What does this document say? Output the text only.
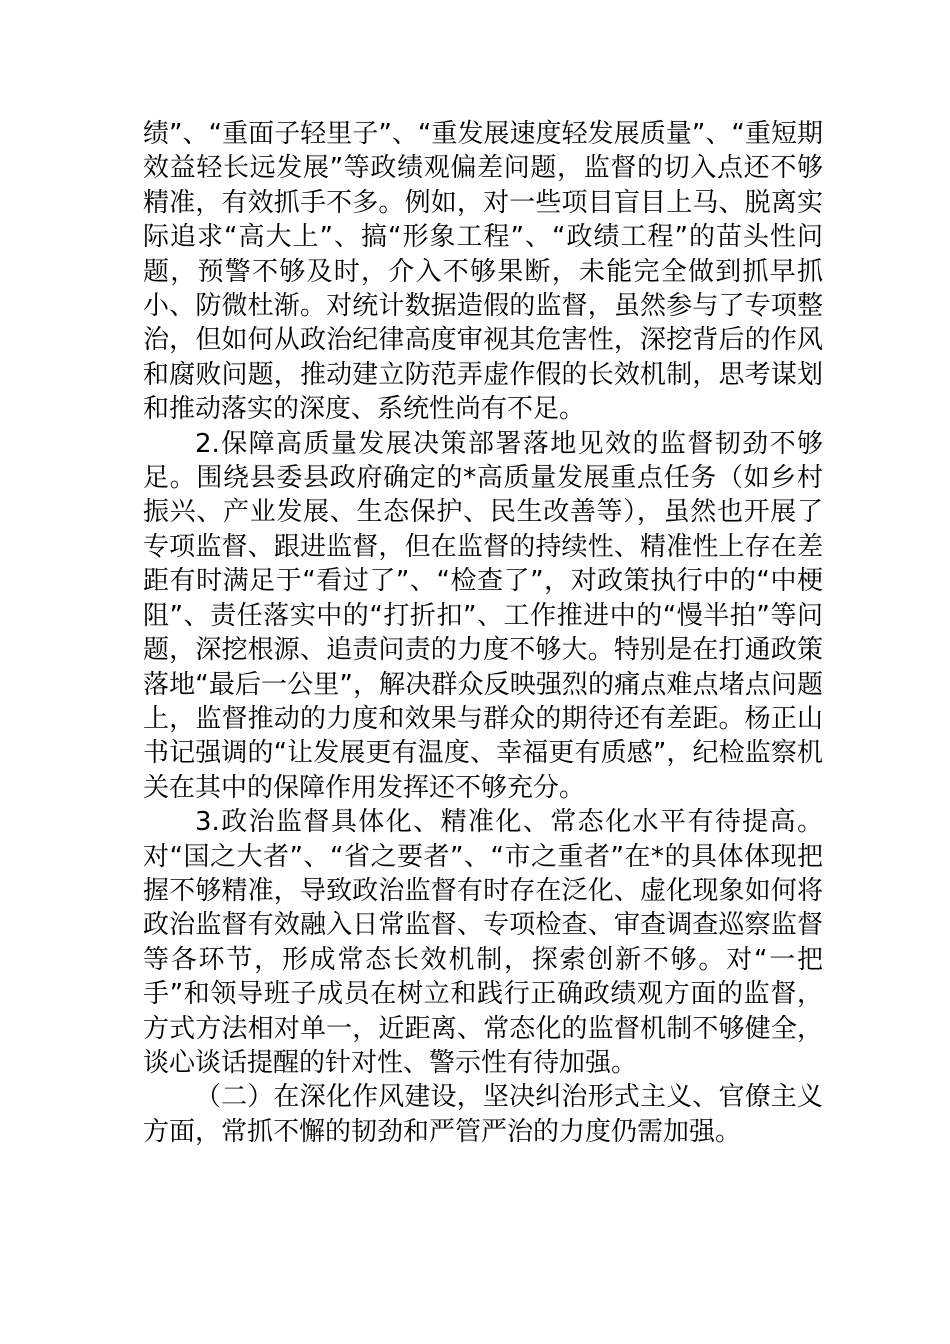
绩”、“重面子轻里子”、“重发展速度轻发展质量”、“重短期效益轻长远发展”等政绩观偏差问题，监督的切入点还不够精准，有效抓手不多。例如，对一些项目盲目上马、脱离实际追求“高大上”、搞“形象工程”、“政绩工程”的苗头性问题，预警不够及时，介入不够果断，未能完全做到抓早抓小、防微杜渐。对统计数据造假的监督，虽然参与了专项整治，但如何从政治纪律高度审视其危害性，深挖背后的作风和腐败问题，推动建立防范弄虚作假的长效机制，思考谋划和推动落实的深度、系统性尚有不足。

2.保障高质量发展决策部署落地见效的监督韧劲不够足。围绕县委县政府确定的*高质量发展重点任务（如乡村振兴、产业发展、生态保护、民生改善等），虽然也开展了专项监督、跟进监督，但在监督的持续性、精准性上存在差距有时满足于“看过了”、“检查了”，对政策执行中的“中梗阻”、责任落实中的“打折扣”、工作推进中的“慢半拍”等问题，深挖根源、追责问责的力度不够大。特别是在打通政策落地“最后一公里”，解决群众反映强烈的痛点难点堵点问题上，监督推动的力度和效果与群众的期待还有差距。杨正山书记强调的“让发展更有温度、幸福更有质感”，纪检监察机关在其中的保障作用发挥还不够充分。

3.政治监督具体化、精准化、常态化水平有待提高。对“国之大者”、“省之要者”、“市之重者”在*的具体体现把握不够精准，导致政治监督有时存在泛化、虚化现象如何将政治监督有效融入日常监督、专项检查、审查调查巡察监督等各环节，形成常态长效机制，探索创新不够。对“一把手”和领导班子成员在树立和践行正确政绩观方面的监督，方式方法相对单一，近距离、常态化的监督机制不够健全，谈心谈话提醒的针对性、警示性有待加强。

（二）在深化作风建设，坚决纠治形式主义、官僚主义方面，常抓不懈的韧劲和严管严治的力度仍需加强。
